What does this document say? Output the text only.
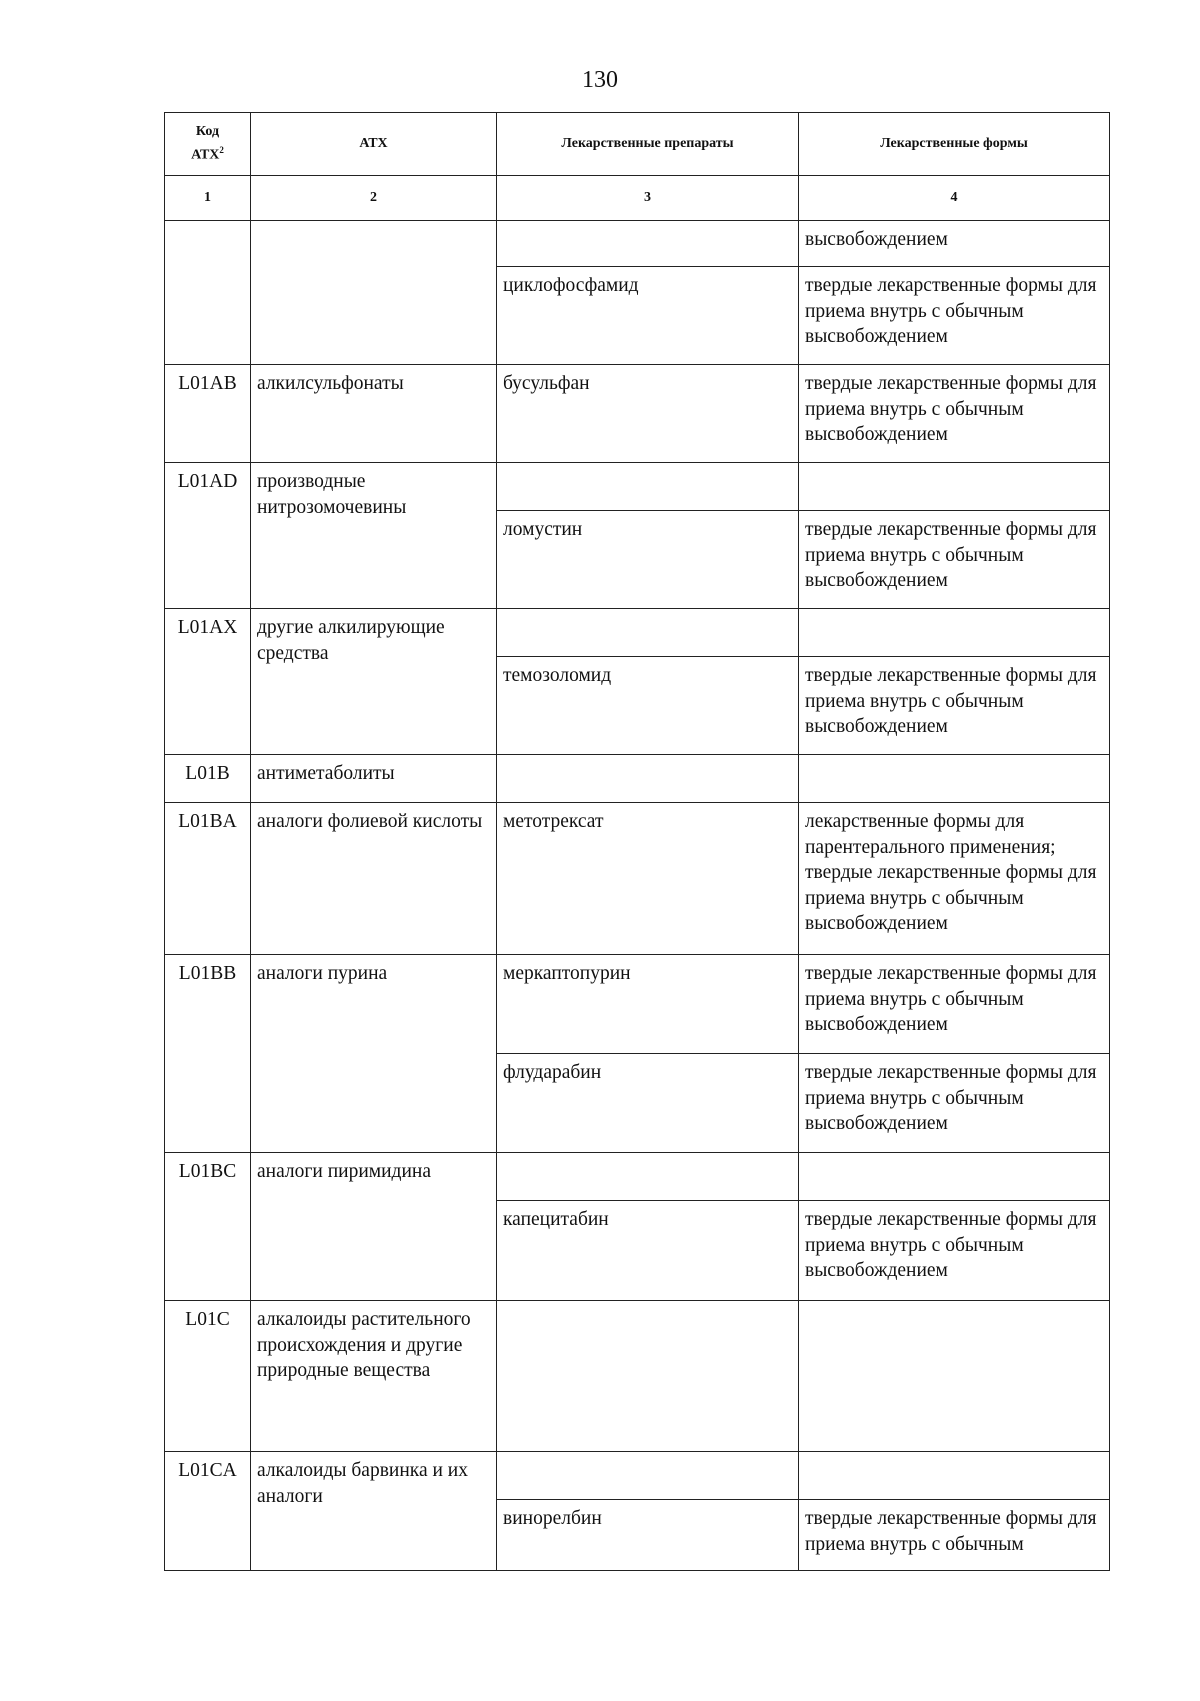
130
Код
АТХ$^2$	АТХ	Лекарственные препараты	Лекарственные формы
1	2	3	4
			высвобождением
		циклофосфамид	твердые лекарственные формы для приема внутрь с обычным высвобождением
L01AB	алкилсульфонаты	бусульфан	твердые лекарственные формы для приема внутрь с обычным высвобождением
L01AD	производные нитрозомочевины		
		ломустин	твердые лекарственные формы для приема внутрь с обычным высвобождением
L01AX	другие алкилирующие средства		
		темозоломид	твердые лекарственные формы для приема внутрь с обычным высвобождением
L01B	антиметаболиты		
L01BA	аналоги фолиевой кислоты	метотрексат	лекарственные формы для парентерального применения; твердые лекарственные формы для приема внутрь с обычным высвобождением
L01BB	аналоги пурина	меркаптопурин	твердые лекарственные формы для приема внутрь с обычным высвобождением
		флударабин	твердые лекарственные формы для приема внутрь с обычным высвобождением
L01BC	аналоги пиримидина		
		капецитабин	твердые лекарственные формы для приема внутрь с обычным высвобождением
L01C	алкалоиды растительного происхождения и другие природные вещества		
L01CA	алкалоиды барвинка и их аналоги		
		винорелбин	твердые лекарственные формы для приема внутрь с обычным
